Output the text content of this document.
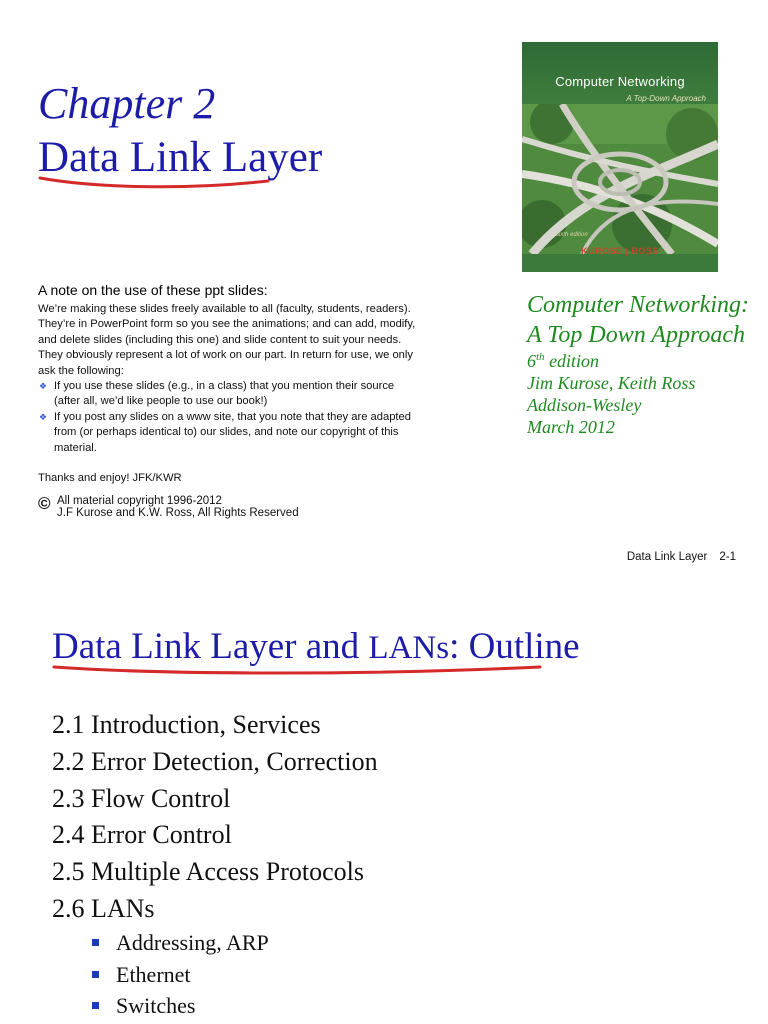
Chapter 2
Data Link Layer
Computer Networking
A Top-Down Approach
sixth edition
KUROSE | ROSS
A note on the use of these ppt slides:

We’re making these slides freely available to all (faculty, students, readers).

They’re in PowerPoint form so you see the animations; and can add, modify,

and delete slides (including this one) and slide content to suit your needs.

They obviously represent a lot of work on our part. In return for use, we only

ask the following:

❖ If you use these slides (e.g., in a class) that you mention their source
(after all, we’d like people to use our book!)
❖ If you post any slides on a www site, that you note that they are adapted
from (or perhaps identical to) our slides, and note our copyright of this
material.

Thanks and enjoy! JFK/KWR

© All material copyright 1996-2012
J.F Kurose and K.W. Ross, All Rights Reserved
Computer Networking: A Top Down Approach
6th edition
Jim Kurose, Keith Ross
Addison-Wesley
March 2012
Data Link Layer 2-1
Data Link Layer and LANs: Outline
2.1 Introduction, Services
2.2 Error Detection, Correction
2.3 Flow Control
2.4 Error Control
2.5 Multiple Access Protocols
2.6 LANs
Addressing, ARP
Ethernet
Switches
